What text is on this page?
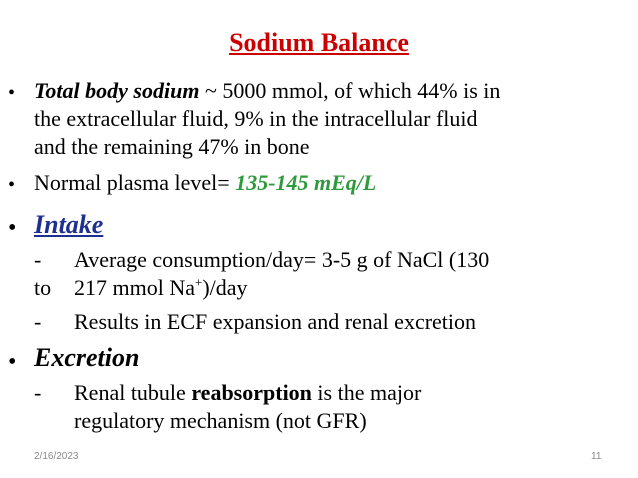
Sodium Balance
• Total body sodium ~ 5000 mmol, of which 44% is in
the extracellular fluid, 9% in the intracellular fluid
and the remaining 47% in bone
• Normal plasma level= 135-145 mEq/L
• Intake
- Average consumption/day= 3-5 g of NaCl (130
to 217 mmol Na+)/day
- Results in ECF expansion and renal excretion
• Excretion
- Renal tubule reabsorption is the major
regulatory mechanism (not GFR)
2/16/2023	11
